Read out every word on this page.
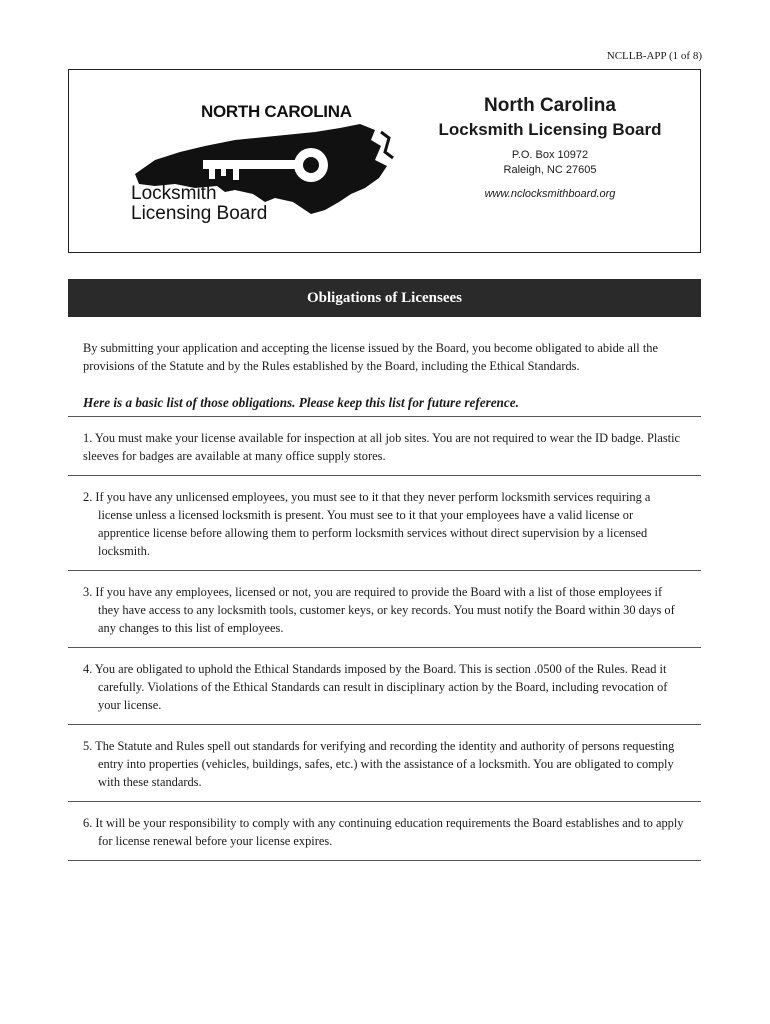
NCLLB-APP (1 of 8)
NORTH CAROLINA
Locksmith
Licensing Board
North Carolina
Locksmith Licensing Board
P.O. Box 10972
Raleigh, NC 27605
www.nclocksmithboard.org
Obligations of Licensees
By submitting your application and accepting the license issued by the Board, you become obligated to abide all the provisions of the Statute and by the Rules established by the Board, including the Ethical Standards.
Here is a basic list of those obligations. Please keep this list for future reference.
1. You must make your license available for inspection at all job sites. You are not required to wear the ID badge. Plastic sleeves for badges are available at many office supply stores.
2. If you have any unlicensed employees, you must see to it that they never perform locksmith services requiring a license unless a licensed locksmith is present. You must see to it that your employees have a valid license or apprentice license before allowing them to perform locksmith services without direct supervision by a licensed locksmith.
3. If you have any employees, licensed or not, you are required to provide the Board with a list of those employees if they have access to any locksmith tools, customer keys, or key records. You must notify the Board within 30 days of any changes to this list of employees.
4. You are obligated to uphold the Ethical Standards imposed by the Board. This is section .0500 of the Rules. Read it carefully. Violations of the Ethical Standards can result in disciplinary action by the Board, including revocation of your license.
5. The Statute and Rules spell out standards for verifying and recording the identity and authority of persons requesting entry into properties (vehicles, buildings, safes, etc.) with the assistance of a locksmith. You are obligated to comply with these standards.
6. It will be your responsibility to comply with any continuing education requirements the Board establishes and to apply for license renewal before your license expires.
